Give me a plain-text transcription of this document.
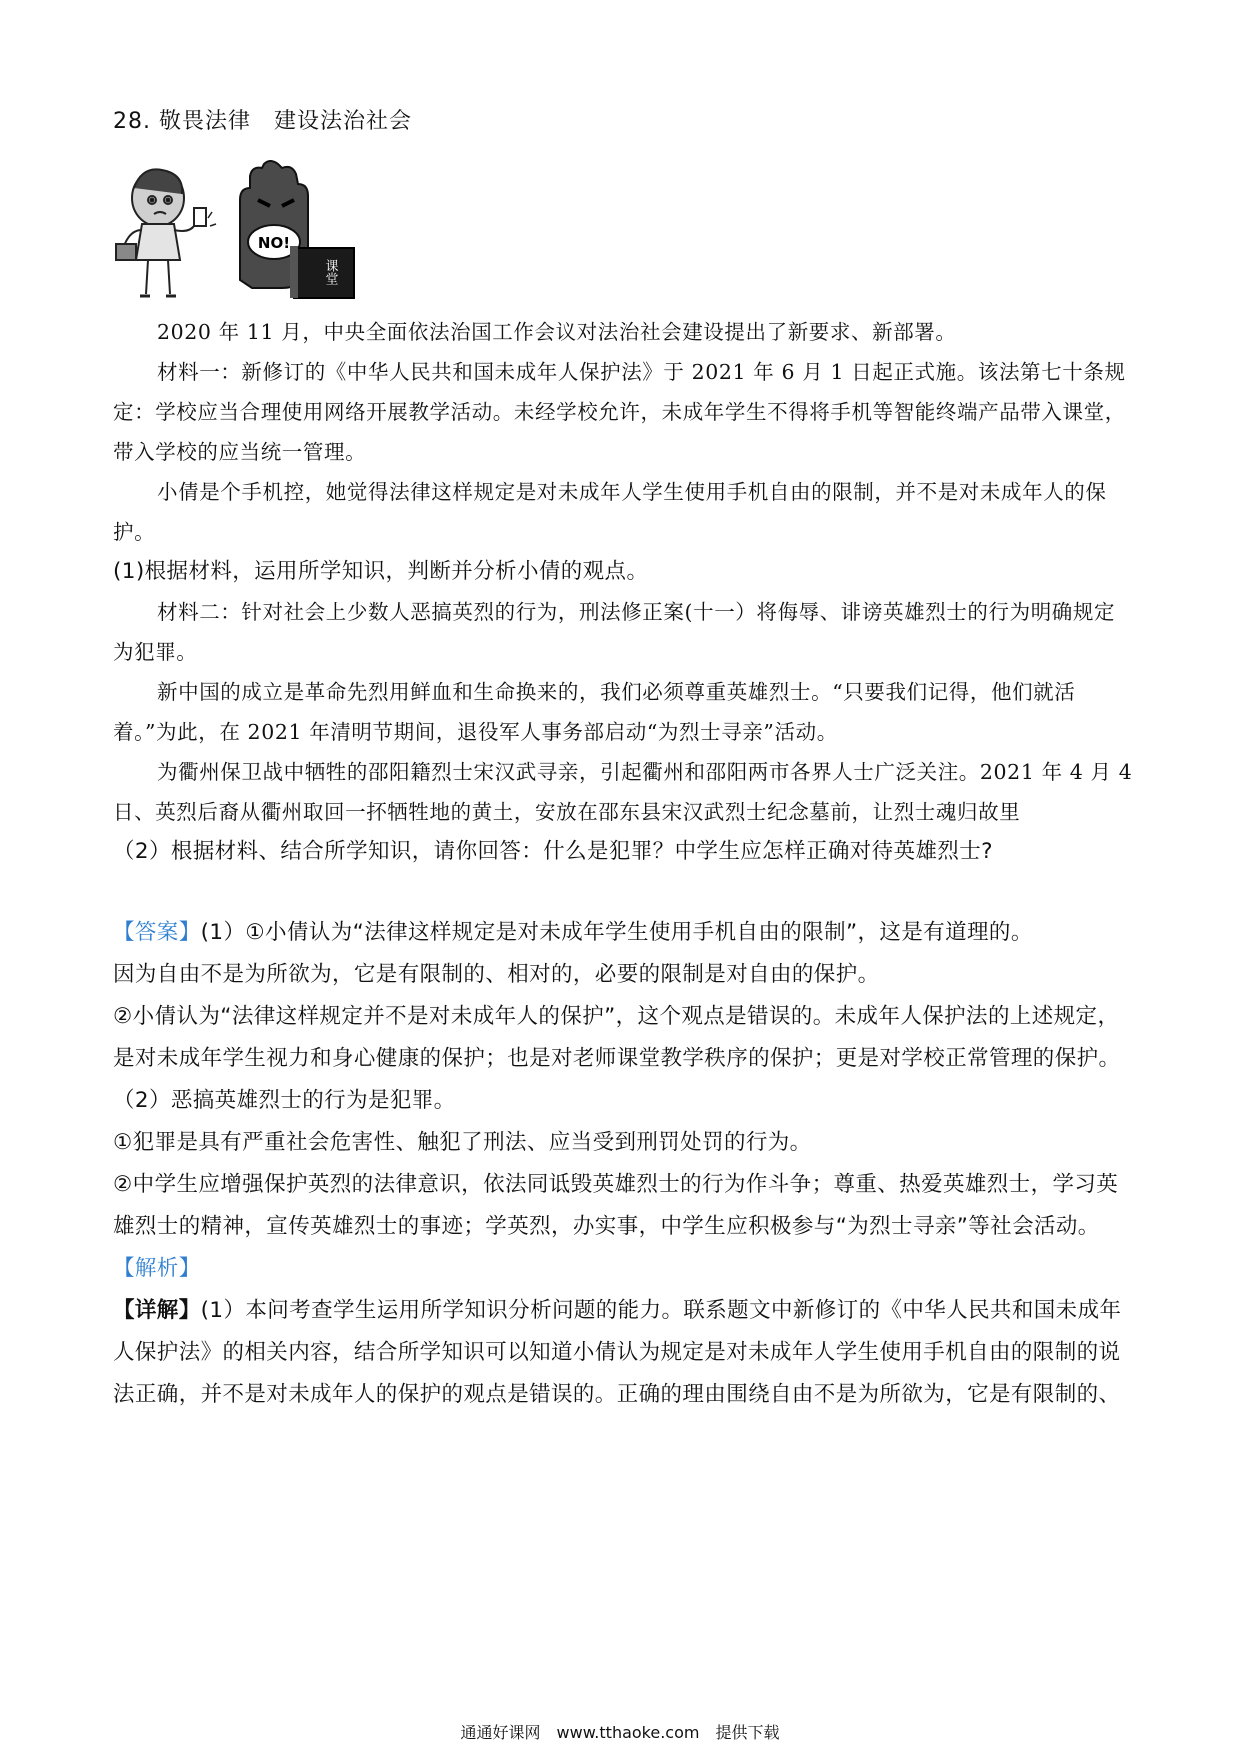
28. 敬畏法律　建设法治社会
NO!
课堂

2020 年 11 月，中央全面依法治国工作会议对法治社会建设提出了新要求、新部署。

材料一：新修订的《中华人民共和国未成年人保护法》于 2021 年 6 月 1 日起正式施。该法第七十条规定：学校应当合理使用网络开展教学活动。未经学校允许，未成年学生不得将手机等智能终端产品带入课堂，带入学校的应当统一管理。

小倩是个手机控，她觉得法律这样规定是对未成年人学生使用手机自由的限制，并不是对未成年人的保护。

(1)根据材料，运用所学知识，判断并分析小倩的观点。

材料二：针对社会上少数人恶搞英烈的行为，刑法修正案(十一）将侮辱、诽谤英雄烈士的行为明确规定为犯罪。

新中国的成立是革命先烈用鲜血和生命换来的，我们必须尊重英雄烈士。“只要我们记得，他们就活着。”为此，在 2021 年清明节期间，退役军人事务部启动“为烈士寻亲”活动。

为衢州保卫战中牺牲的邵阳籍烈士宋汉武寻亲，引起衢州和邵阳两市各界人士广泛关注。2021 年 4 月 4 日、英烈后裔从衢州取回一抔牺牲地的黄土，安放在邵东县宋汉武烈士纪念墓前，让烈士魂归故里

（2）根据材料、结合所学知识，请你回答：什么是犯罪？中学生应怎样正确对待英雄烈士?

【答案】(1）①小倩认为“法律这样规定是对未成年学生使用手机自由的限制”，这是有道理的。

因为自由不是为所欲为，它是有限制的、相对的，必要的限制是对自由的保护。

②小倩认为“法律这样规定并不是对未成年人的保护”，这个观点是错误的。未成年人保护法的上述规定，是对未成年学生视力和身心健康的保护；也是对老师课堂教学秩序的保护；更是对学校正常管理的保护。

（2）恶搞英雄烈士的行为是犯罪。

①犯罪是具有严重社会危害性、触犯了刑法、应当受到刑罚处罚的行为。

②中学生应增强保护英烈的法律意识，依法同诋毁英雄烈士的行为作斗争；尊重、热爱英雄烈士，学习英雄烈士的精神，宣传英雄烈士的事迹；学英烈，办实事，中学生应积极参与“为烈士寻亲”等社会活动。

【解析】

【详解】(1）本问考查学生运用所学知识分析问题的能力。联系题文中新修订的《中华人民共和国未成年人保护法》的相关内容，结合所学知识可以知道小倩认为规定是对未成年人学生使用手机自由的限制的说法正确，并不是对未成年人的保护的观点是错误的。正确的理由围绕自由不是为所欲为，它是有限制的、

通通好课网　www.tthaoke.com　提供下载
